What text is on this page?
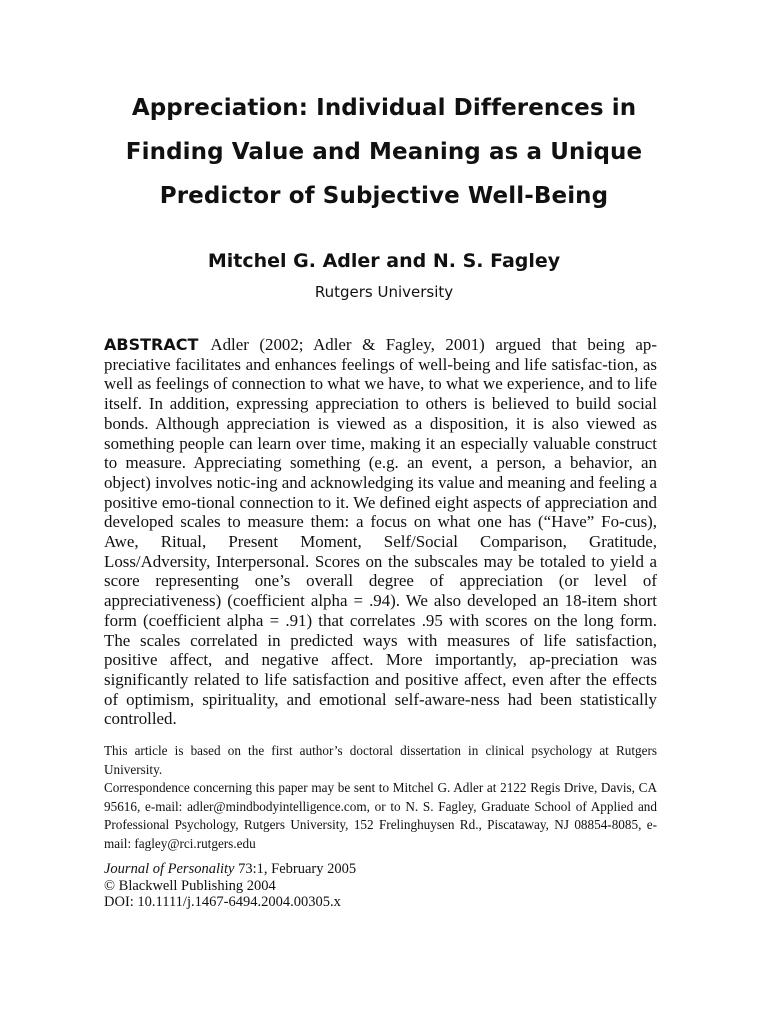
Appreciation: Individual Differences in
Finding Value and Meaning as a Unique
Predictor of Subjective Well-Being
Mitchel G. Adler and N. S. Fagley
Rutgers University

ABSTRACT Adler (2002; Adler & Fagley, 2001) argued that being ap-preciative facilitates and enhances feelings of well-being and life satisfac-tion, as well as feelings of connection to what we have, to what we experience, and to life itself. In addition, expressing appreciation to others is believed to build social bonds. Although appreciation is viewed as a disposition, it is also viewed as something people can learn over time, making it an especially valuable construct to measure. Appreciating something (e.g. an event, a person, a behavior, an object) involves notic-ing and acknowledging its value and meaning and feeling a positive emo-tional connection to it. We defined eight aspects of appreciation and developed scales to measure them: a focus on what one has (“Have” Fo-cus), Awe, Ritual, Present Moment, Self/Social Comparison, Gratitude, Loss/Adversity, Interpersonal. Scores on the subscales may be totaled to yield a score representing one’s overall degree of appreciation (or level of appreciativeness) (coefficient alpha = .94). We also developed an 18-item short form (coefficient alpha = .91) that correlates .95 with scores on the long form. The scales correlated in predicted ways with measures of life satisfaction, positive affect, and negative affect. More importantly, ap-preciation was significantly related to life satisfaction and positive affect, even after the effects of optimism, spirituality, and emotional self-aware-ness had been statistically controlled.

This article is based on the first author’s doctoral dissertation in clinical psychology at Rutgers University.

Correspondence concerning this paper may be sent to Mitchel G. Adler at 2122 Regis Drive, Davis, CA 95616, e-mail: adler@mindbodyintelligence.com, or to N. S. Fagley, Graduate School of Applied and Professional Psychology, Rutgers University, 152 Frelinghuysen Rd., Piscataway, NJ 08854-8085, e-mail: fagley@rci.rutgers.edu

Journal of Personality 73:1, February 2005
© Blackwell Publishing 2004
DOI: 10.1111/j.1467-6494.2004.00305.x
